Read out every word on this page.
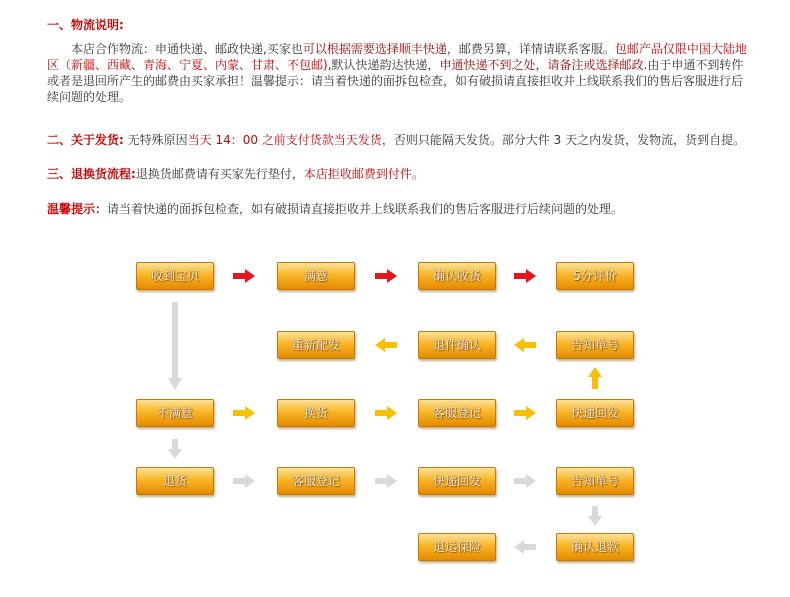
一、物流说明:
本店合作物流：申通快递、邮政快递,买家也可以根据需要选择顺丰快递，邮费另算，详情请联系客服。包邮产品仅限中国大陆地区（新疆、西藏、青海、宁夏、内蒙、甘肃、不包邮),默认快递韵达快递，申通快递不到之处，请备注或选择邮政.由于申通不到转件或者是退回所产生的邮费由买家承担！温馨提示：请当着快递的面拆包检查，如有破损请直接拒收并上线联系我们的售后客服进行后续问题的处理。
二、关于发货: 无特殊原因当天 14：00 之前支付货款当天发货，否则只能隔天发货。部分大件 3 天之内发货，发物流，货到自提。
三、退换货流程:退换货邮费请有买家先行垫付，本店拒收邮费到付件。
温馨提示：请当着快递的面拆包检查，如有破损请直接拒收并上线联系我们的售后客服进行后续问题的处理。
收到宝贝	满意	确认收货	5分评价
重新配发	退件确认	告知单号
不满意	换货	客服登记	快递回发
退货	客服登记	快递回发	告知单号
退运保险	确认退款
